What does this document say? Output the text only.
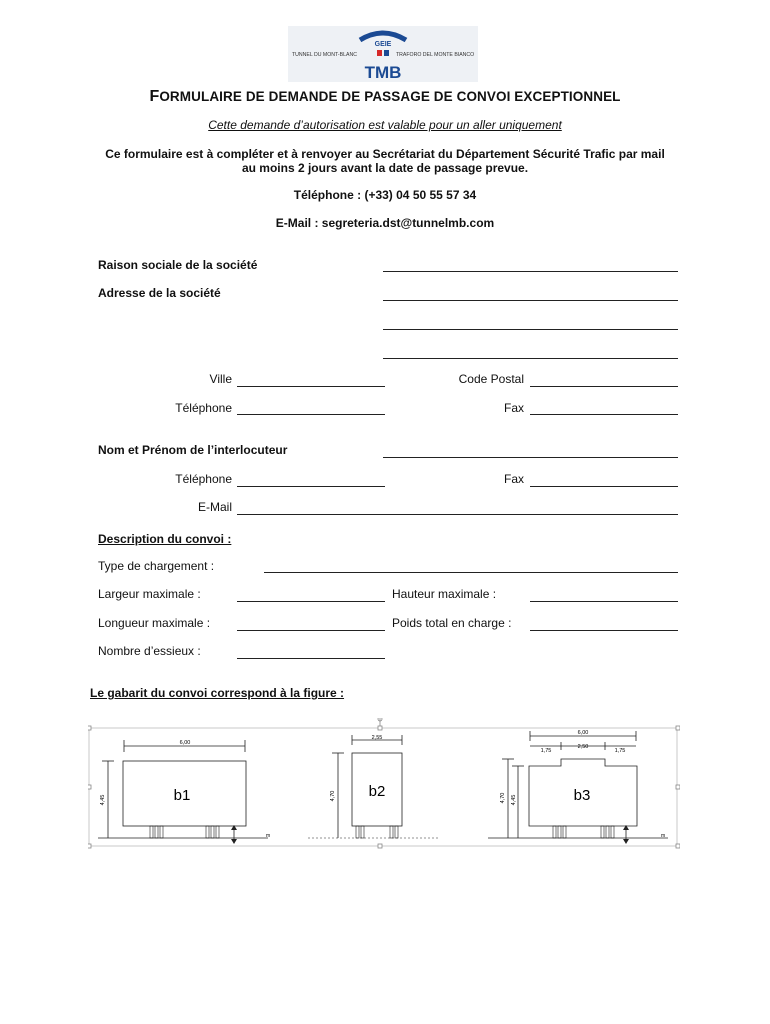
GEIE
TUNNEL DU MONT-BLANC	TRAFORO DEL MONTE BIANCO
TMB
FORMULAIRE DE DEMANDE DE PASSAGE DE CONVOI EXCEPTIONNEL
Cette demande d’autorisation est valable pour un aller uniquement
Ce formulaire est à compléter et à renvoyer au Secrétariat du Département Sécurité Trafic par mail
au moins 2 jours avant la date de passage prevue.
Téléphone : (+33) 04 50 55 57 34
E-Mail : segreteria.dst@tunnelmb.com
Raison sociale de la société
Adresse de la société
Ville	Code Postal
Téléphone	Fax
Nom et Prénom de l’interlocuteur
Téléphone	Fax
E-Mail
Description du convoi :
Type de chargement :
Largeur maximale :	Hauteur maximale :
Longueur maximale :	Poids total en charge :
Nombre d’essieux :
Le gabarit du convoi correspond à la figure :
6,00
b1
4,45
m
2,55
b2
4,70
6,00
1,75
2,50
1,75
b3
4,70 4,45
m
